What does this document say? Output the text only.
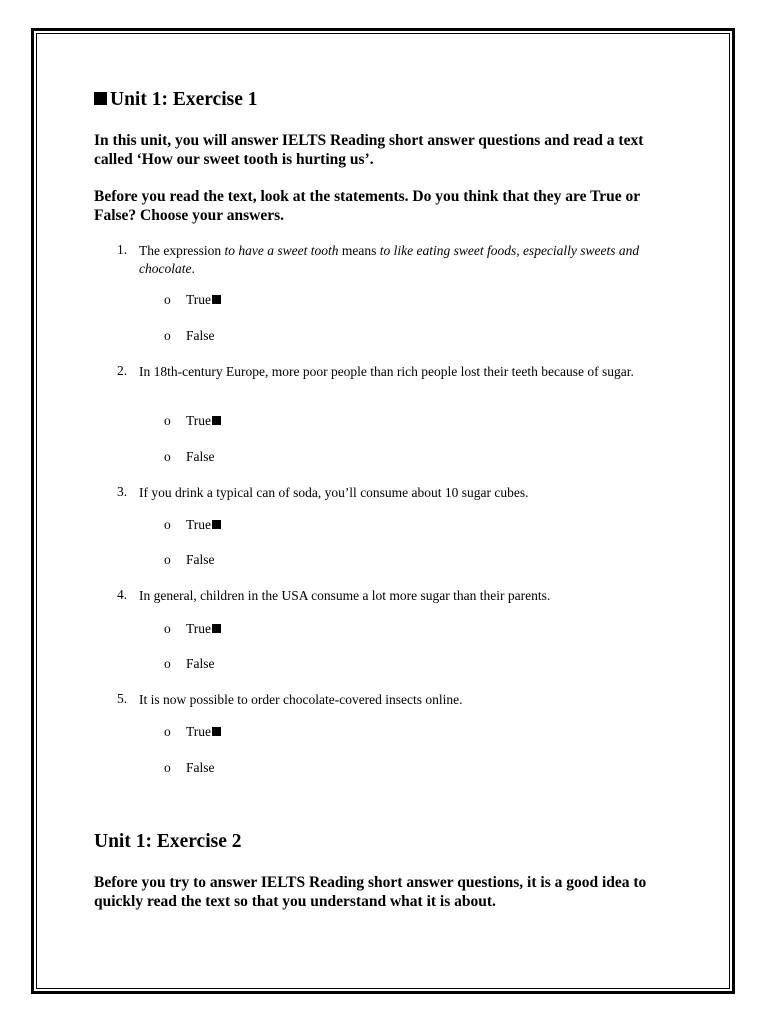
Unit 1: Exercise 1
In this unit, you will answer IELTS Reading short answer questions and read a text called ‘How our sweet tooth is hurting us’.
Before you read the text, look at the statements. Do you think that they are True or False? Choose your answers.
1. The expression to have a sweet tooth means to like eating sweet foods, especially sweets and chocolate.
o True
o False
2. In 18th-century Europe, more poor people than rich people lost their teeth because of sugar.
o True
o False
3. If you drink a typical can of soda, you’ll consume about 10 sugar cubes.
o True
o False
4. In general, children in the USA consume a lot more sugar than their parents.
o True
o False
5. It is now possible to order chocolate-covered insects online.
o True
o False
Unit 1: Exercise 2
Before you try to answer IELTS Reading short answer questions, it is a good idea to quickly read the text so that you understand what it is about.
